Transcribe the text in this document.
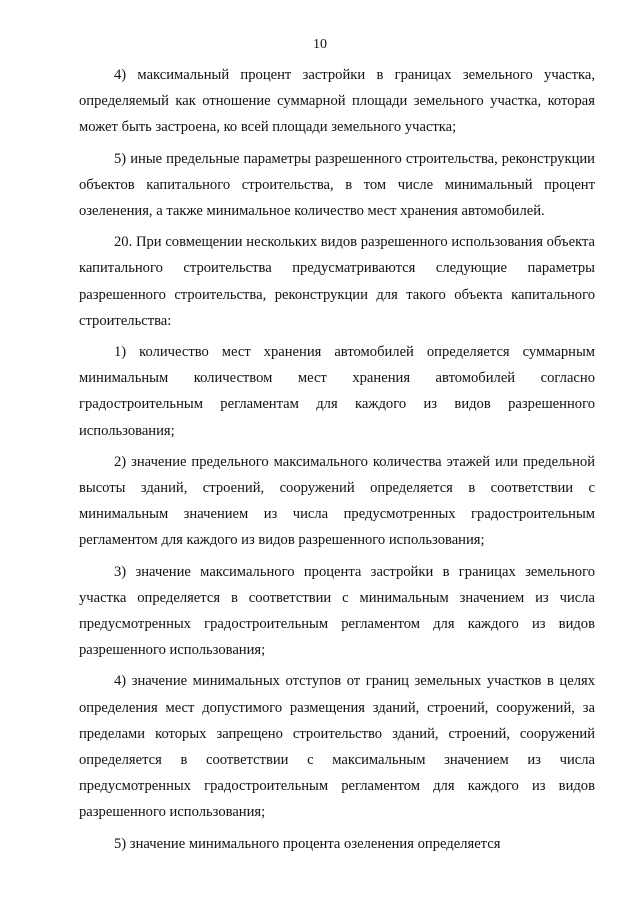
10

4) максимальный процент застройки в границах земельного участка, определяемый как отношение суммарной площади земельного участка, которая может быть застроена, ко всей площади земельного участка;

5) иные предельные параметры разрешенного строительства, реконструкции объектов капитального строительства, в том числе минимальный процент озеленения, а также минимальное количество мест хранения автомобилей.

20. При совмещении нескольких видов разрешенного использования объекта капитального строительства предусматриваются следующие параметры разрешенного строительства, реконструкции для такого объекта капитального строительства:

1) количество мест хранения автомобилей определяется суммарным минимальным количеством мест хранения автомобилей согласно градостроительным регламентам для каждого из видов разрешенного использования;

2) значение предельного максимального количества этажей или предельной высоты зданий, строений, сооружений определяется в соответствии с минимальным значением из числа предусмотренных градостроительным регламентом для каждого из видов разрешенного использования;

3) значение максимального процента застройки в границах земельного участка определяется в соответствии с минимальным значением из числа предусмотренных градостроительным регламентом для каждого из видов разрешенного использования;

4) значение минимальных отступов от границ земельных участков в целях определения мест допустимого размещения зданий, строений, сооружений, за пределами которых запрещено строительство зданий, строений, сооружений определяется в соответствии с максимальным значением из числа предусмотренных градостроительным регламентом для каждого из видов разрешенного использования;

5) значение минимального процента озеленения определяется
